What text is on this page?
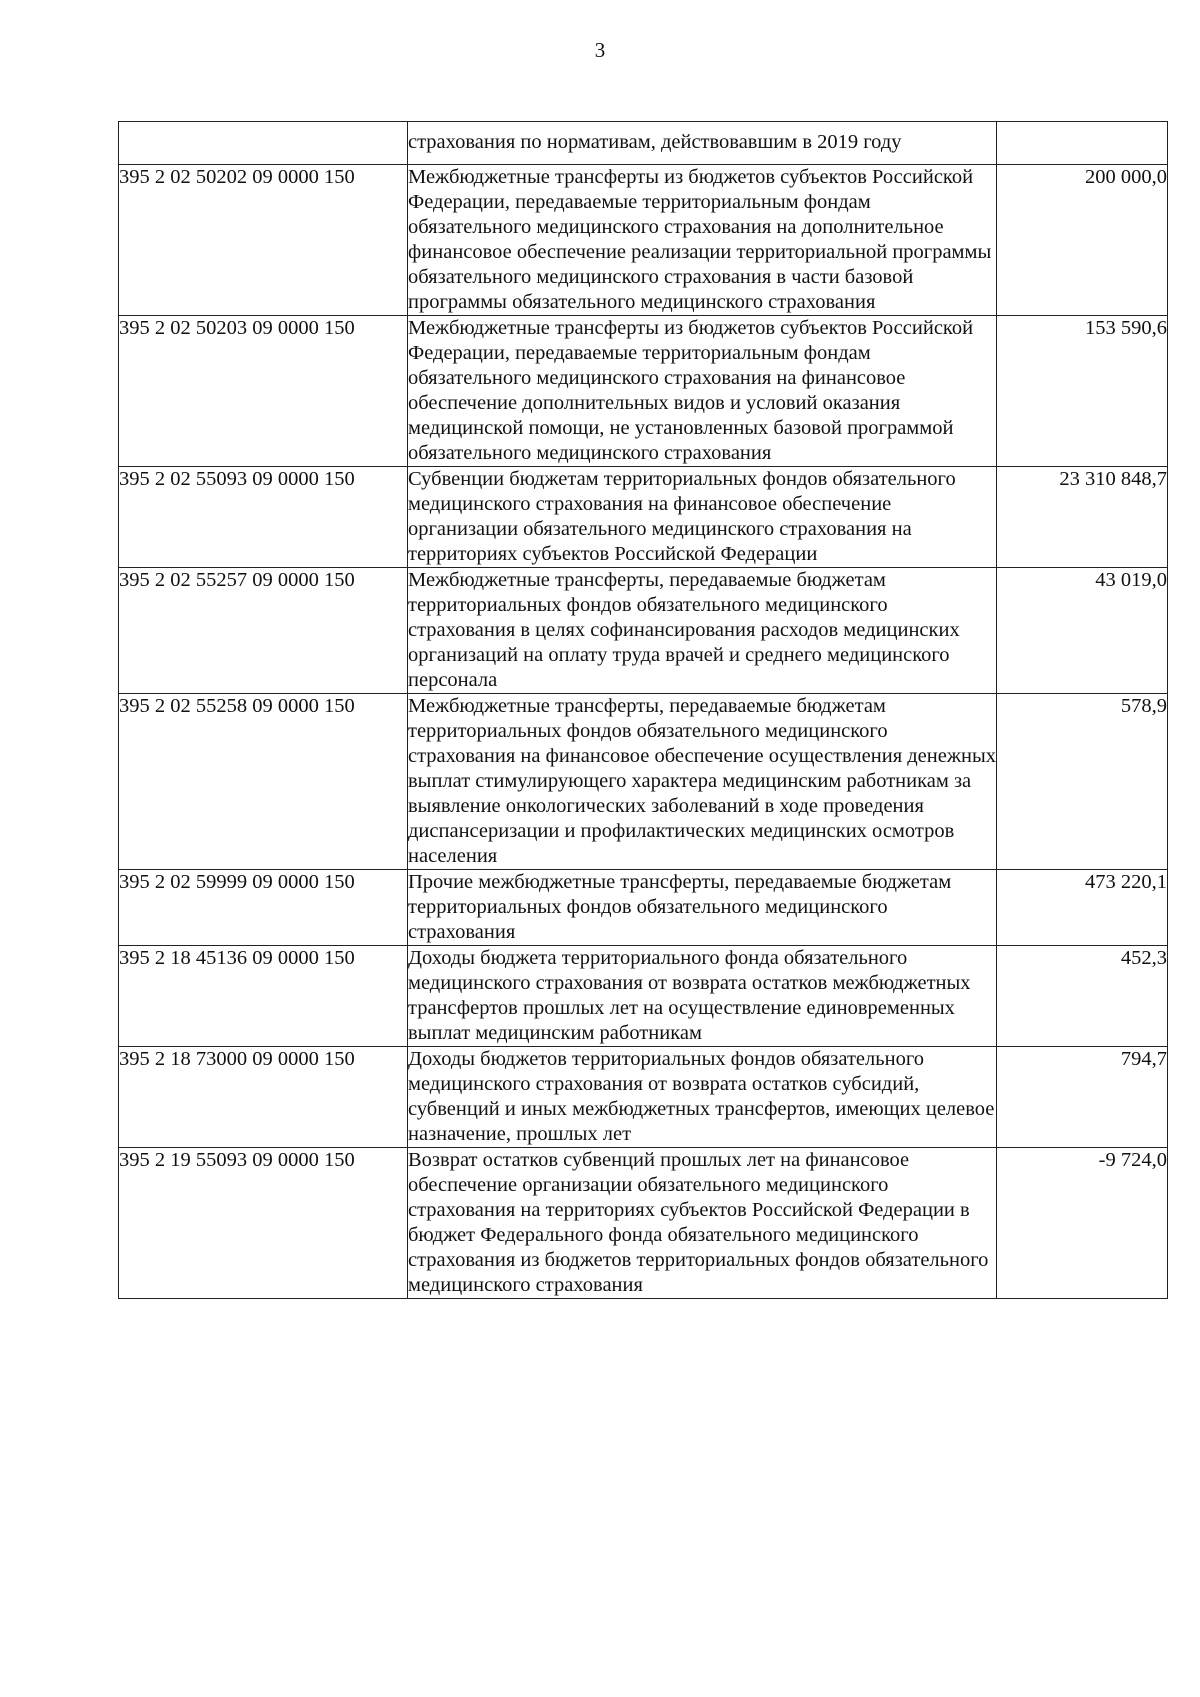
3
	страхования по нормативам, действовавшим в 2019 году	
395 2 02 50202 09 0000 150	Межбюджетные трансферты из бюджетов субъектов Российской Федерации, передаваемые территориальным фондам обязательного медицинского страхования на дополнительное финансовое обеспечение реализации территориальной программы обязательного медицинского страхования в части базовой программы обязательного медицинского страхования	200 000,0
395 2 02 50203 09 0000 150	Межбюджетные трансферты из бюджетов субъектов Российской Федерации, передаваемые территориальным фондам обязательного медицинского страхования на финансовое обеспечение дополнительных видов и условий оказания медицинской помощи, не установленных базовой программой обязательного медицинского страхования	153 590,6
395 2 02 55093 09 0000 150	Субвенции бюджетам территориальных фондов обязательного медицинского страхования на финансовое обеспечение организации обязательного медицинского страхования на территориях субъектов Российской Федерации	23 310 848,7
395 2 02 55257 09 0000 150	Межбюджетные трансферты, передаваемые бюджетам территориальных фондов обязательного медицинского страхования в целях софинансирования расходов медицинских организаций на оплату труда врачей и среднего медицинского персонала	43 019,0
395 2 02 55258 09 0000 150	Межбюджетные трансферты, передаваемые бюджетам территориальных фондов обязательного медицинского страхования на финансовое обеспечение осуществления денежных выплат стимулирующего характера медицинским работникам за выявление онкологических заболеваний в ходе проведения диспансеризации и профилактических медицинских осмотров населения	578,9
395 2 02 59999 09 0000 150	Прочие межбюджетные трансферты, передаваемые бюджетам территориальных фондов обязательного медицинского страхования	473 220,1
395 2 18 45136 09 0000 150	Доходы бюджета территориального фонда обязательного медицинского страхования от возврата остатков межбюджетных трансфертов прошлых лет на осуществление единовременных выплат медицинским работникам	452,3
395 2 18 73000 09 0000 150	Доходы бюджетов территориальных фондов обязательного медицинского страхования от возврата остатков субсидий, субвенций и иных межбюджетных трансфертов, имеющих целевое назначение, прошлых лет	794,7
395 2 19 55093 09 0000 150	Возврат остатков субвенций прошлых лет на финансовое обеспечение организации обязательного медицинского страхования на территориях субъектов Российской Федерации в бюджет Федерального фонда обязательного медицинского страхования из бюджетов территориальных фондов обязательного медицинского страхования	-9 724,0
